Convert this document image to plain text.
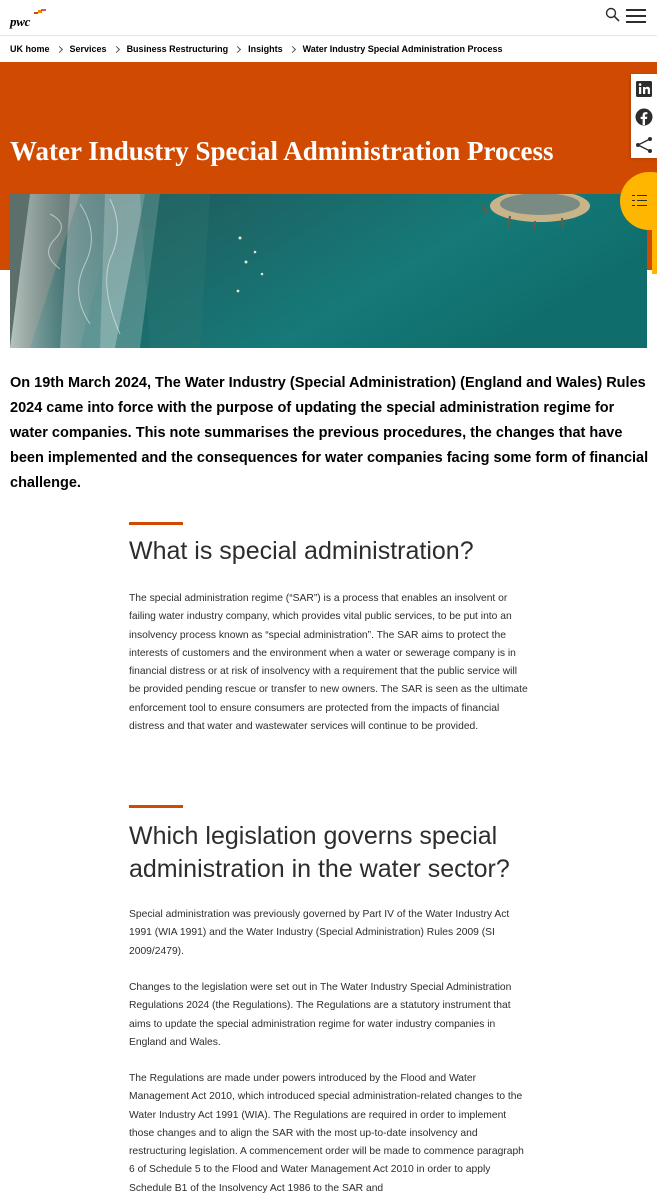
pwc
UK home Services Business Restructuring Insights Water Industry Special Administration Process
Water Industry Special Administration Process

On 19th March 2024, The Water Industry (Special Administration) (England and Wales) Rules 2024 came into force with the purpose of updating the special administration regime for water companies. This note summarises the previous procedures, the changes that have been implemented and the consequences for water companies facing some form of financial challenge.

What is special administration?

The special administration regime (“SAR”) is a process that enables an insolvent or failing water industry company, which provides vital public services, to be put into an insolvency process known as “special administration”. The SAR aims to protect the interests of customers and the environment when a water or sewerage company is in financial distress or at risk of insolvency with a requirement that the public service will be provided pending rescue or transfer to new owners. The SAR is seen as the ultimate enforcement tool to ensure consumers are protected from the impacts of financial distress and that water and wastewater services will continue to be provided.

Which legislation governs special administration in the water sector?

Special administration was previously governed by Part IV of the Water Industry Act 1991 (WIA 1991) and the Water Industry (Special Administration) Rules 2009 (SI 2009/2479).

Changes to the legislation were set out in The Water Industry Special Administration Regulations 2024 (the Regulations). The Regulations are a statutory instrument that aims to update the special administration regime for water industry companies in England and Wales.

The Regulations are made under powers introduced by the Flood and Water Management Act 2010, which introduced special administration-related changes to the Water Industry Act 1991 (WIA). The Regulations are required in order to implement those changes and to align the SAR with the most up-to-date insolvency and restructuring legislation. A commencement order will be made to commence paragraph 6 of Schedule 5 to the Flood and Water Management Act 2010 in order to apply Schedule B1 of the Insolvency Act 1986 to the SAR and
